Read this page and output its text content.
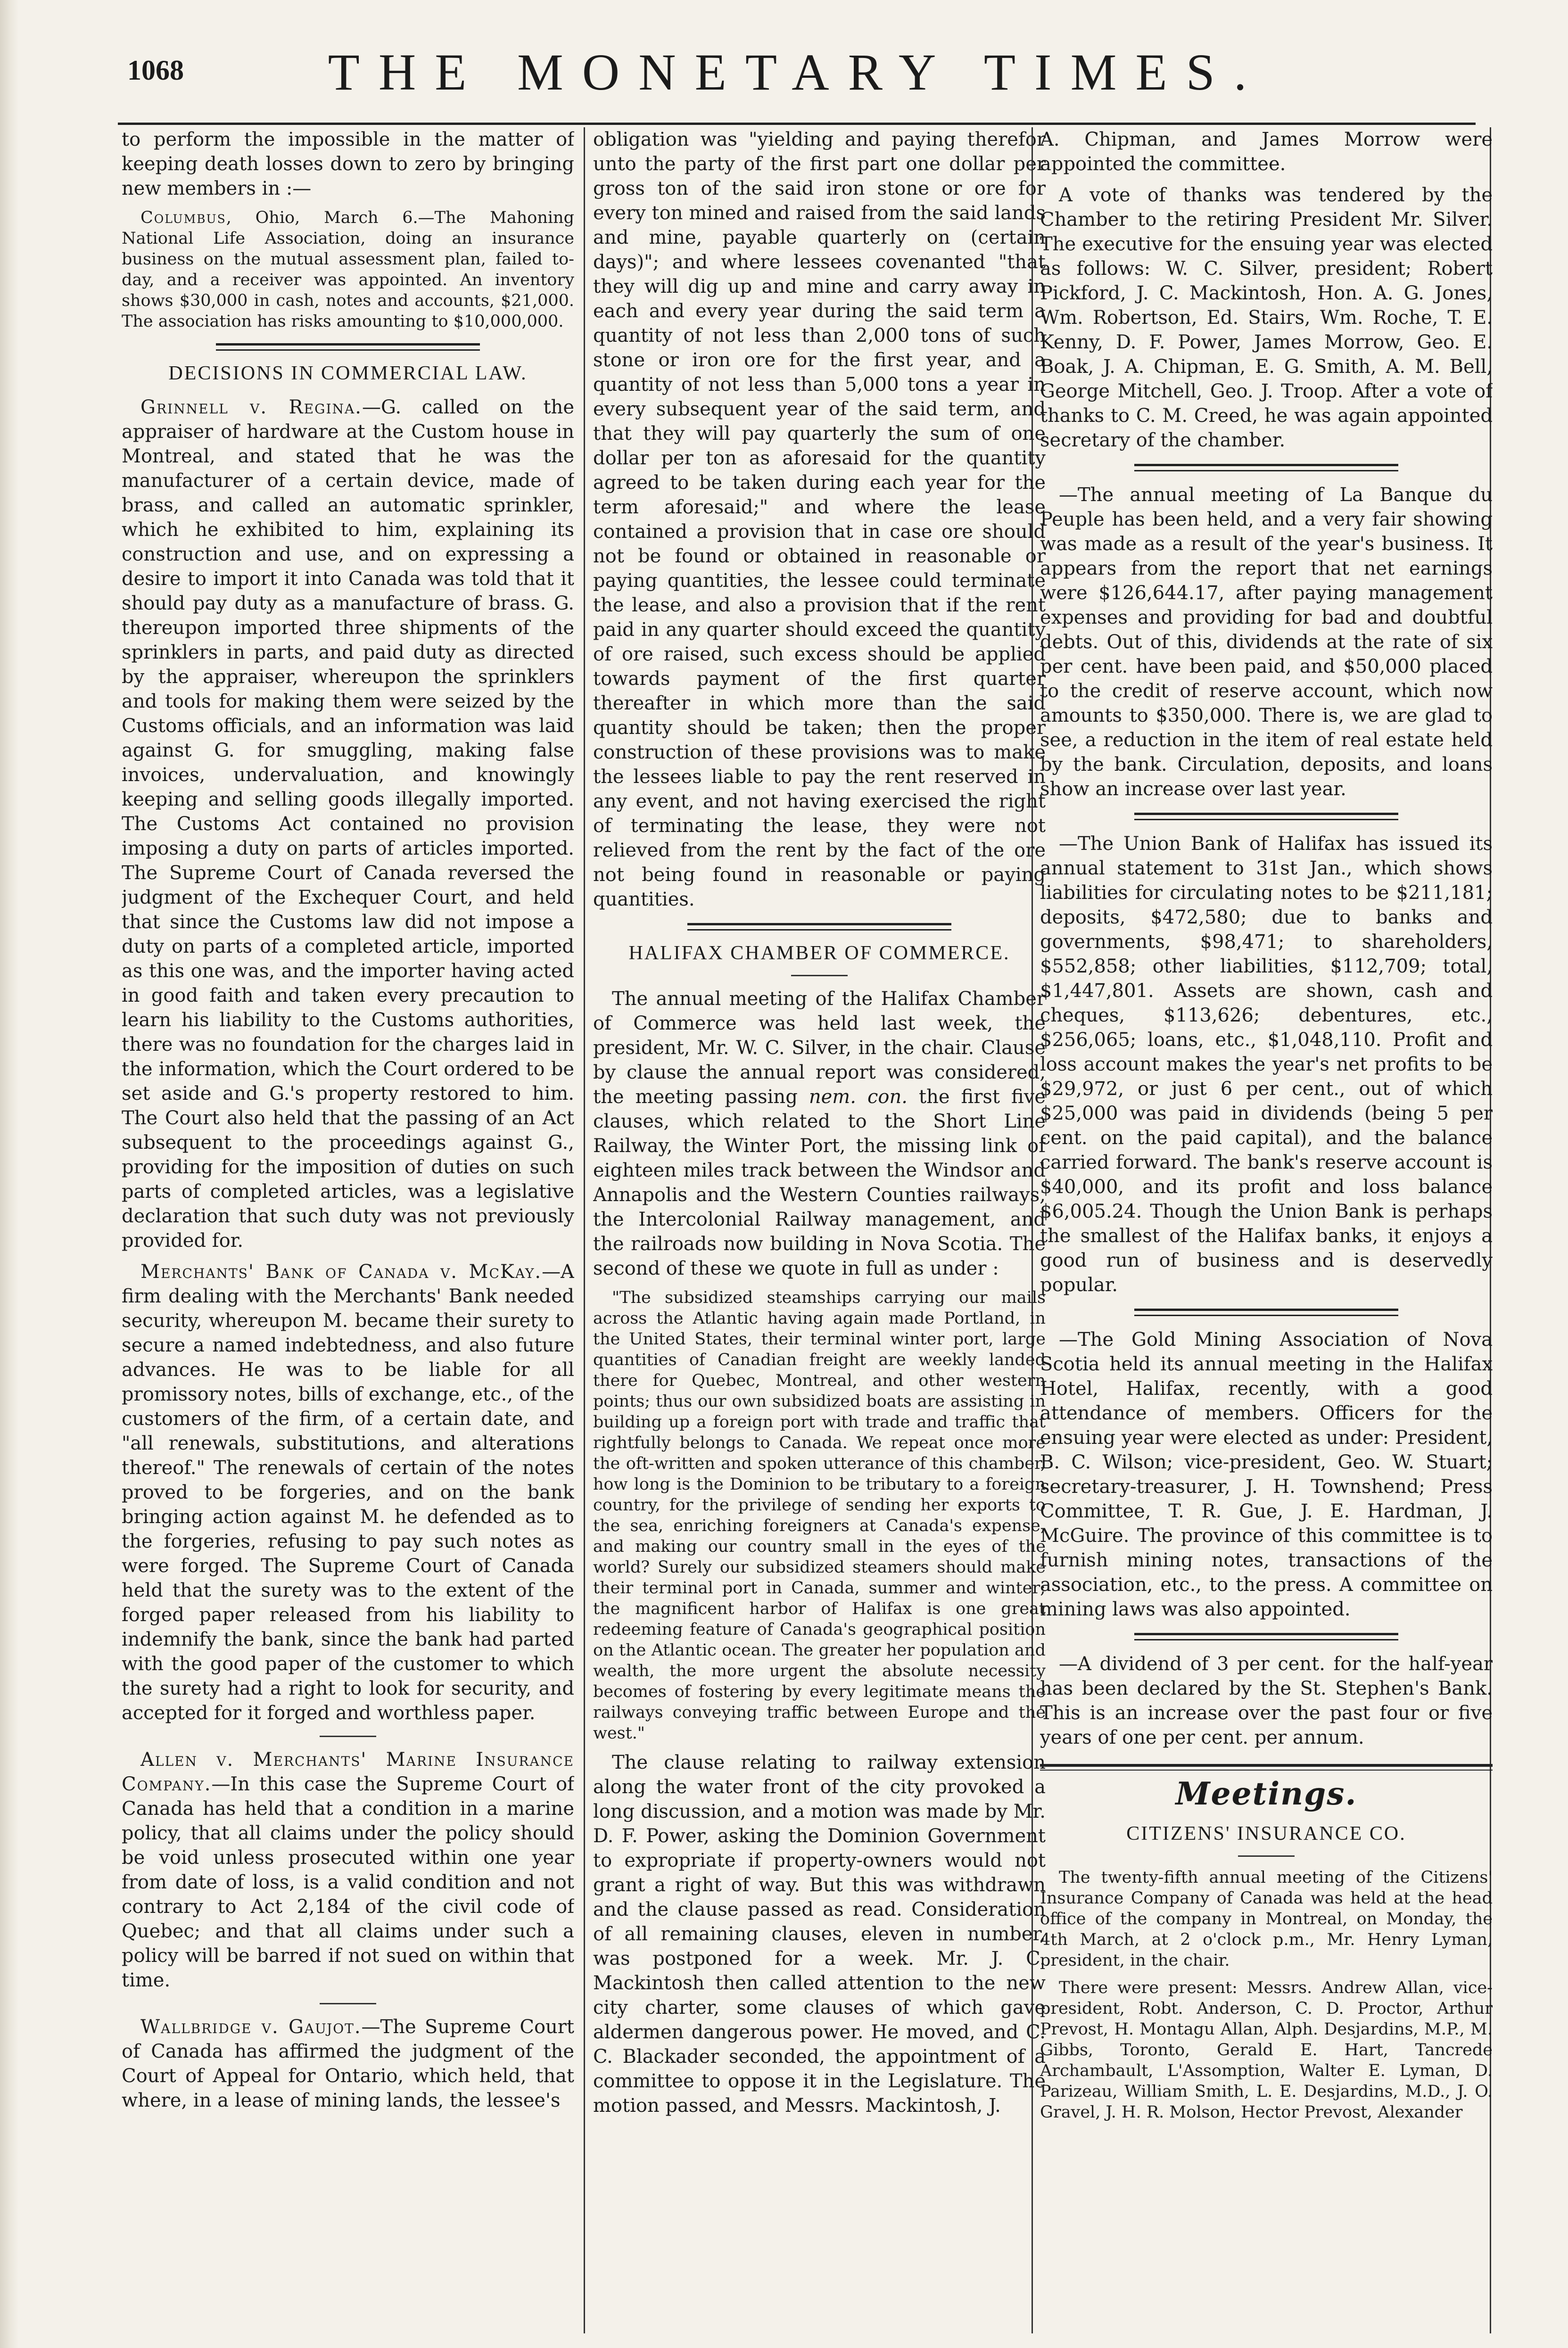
1068	THE MONETARY TIMES.

to perform the impossible in the matter of keeping death losses down to zero by bringing new members in :—

Columbus, Ohio, March 6.—The Mahoning National Life Association, doing an insurance business on the mutual assessment plan, failed to-day, and a receiver was appointed. An inventory shows $30,000 in cash, notes and accounts, $21,000. The association has risks amounting to $10,000,000.

DECISIONS IN COMMERCIAL LAW.

Grinnell v. Regina.—G. called on the appraiser of hardware at the Custom house in Montreal, and stated that he was the manufacturer of a certain device, made of brass, and called an automatic sprinkler, which he exhibited to him, explaining its construction and use, and on expressing a desire to import it into Canada was told that it should pay duty as a manufacture of brass. G. thereupon imported three shipments of the sprinklers in parts, and paid duty as directed by the appraiser, whereupon the sprinklers and tools for making them were seized by the Customs officials, and an information was laid against G. for smuggling, making false invoices, undervaluation, and knowingly keeping and selling goods illegally imported. The Customs Act contained no provision imposing a duty on parts of articles imported. The Supreme Court of Canada reversed the judgment of the Exchequer Court, and held that since the Customs law did not impose a duty on parts of a completed article, imported as this one was, and the importer having acted in good faith and taken every precaution to learn his liability to the Customs authorities, there was no foundation for the charges laid in the information, which the Court ordered to be set aside and G.'s property restored to him. The Court also held that the passing of an Act subsequent to the proceedings against G., providing for the imposition of duties on such parts of completed articles, was a legislative declaration that such duty was not previously provided for.

Merchants' Bank of Canada v. McKay.—A firm dealing with the Merchants' Bank needed security, whereupon M. became their surety to secure a named indebtedness, and also future advances. He was to be liable for all promissory notes, bills of exchange, etc., of the customers of the firm, of a certain date, and "all renewals, substitutions, and alterations thereof." The renewals of certain of the notes proved to be forgeries, and on the bank bringing action against M. he defended as to the forgeries, refusing to pay such notes as were forged. The Supreme Court of Canada held that the surety was to the extent of the forged paper released from his liability to indemnify the bank, since the bank had parted with the good paper of the customer to which the surety had a right to look for security, and accepted for it forged and worthless paper.

Allen v. Merchants' Marine Insurance Company.—In this case the Supreme Court of Canada has held that a condition in a marine policy, that all claims under the policy should be void unless prosecuted within one year from date of loss, is a valid condition and not contrary to Act 2,184 of the civil code of Quebec; and that all claims under such a policy will be barred if not sued on within that time.

Wallbridge v. Gaujot.—The Supreme Court of Canada has affirmed the judgment of the Court of Appeal for Ontario, which held, that where, in a lease of mining lands, the lessee's

obligation was "yielding and paying therefor unto the party of the first part one dollar per gross ton of the said iron stone or ore for every ton mined and raised from the said lands and mine, payable quarterly on (certain days)"; and where lessees covenanted "that they will dig up and mine and carry away in each and every year during the said term a quantity of not less than 2,000 tons of such stone or iron ore for the first year, and a quantity of not less than 5,000 tons a year in every subsequent year of the said term, and that they will pay quarterly the sum of one dollar per ton as aforesaid for the quantity agreed to be taken during each year for the term aforesaid;" and where the lease contained a provision that in case ore should not be found or obtained in reasonable or paying quantities, the lessee could terminate the lease, and also a provision that if the rent paid in any quarter should exceed the quantity of ore raised, such excess should be applied towards payment of the first quarter thereafter in which more than the said quantity should be taken; then the proper construction of these provisions was to make the lessees liable to pay the rent reserved in any event, and not having exercised the right of terminating the lease, they were not relieved from the rent by the fact of the ore not being found in reasonable or paying quantities.

HALIFAX CHAMBER OF COMMERCE.

The annual meeting of the Halifax Chamber of Commerce was held last week, the president, Mr. W. C. Silver, in the chair. Clause by clause the annual report was considered, the meeting passing nem. con. the first five clauses, which related to the Short Line Railway, the Winter Port, the missing link of eighteen miles track between the Windsor and Annapolis and the Western Counties railways, the Intercolonial Railway management, and the railroads now building in Nova Scotia. The second of these we quote in full as under :

"The subsidized steamships carrying our mails across the Atlantic having again made Portland, in the United States, their terminal winter port, large quantities of Canadian freight are weekly landed there for Quebec, Montreal, and other western points; thus our own subsidized boats are assisting in building up a foreign port with trade and traffic that rightfully belongs to Canada. We repeat once more the oft-written and spoken utterance of this chamber, how long is the Dominion to be tributary to a foreign country, for the privilege of sending her exports to the sea, enriching foreigners at Canada's expense, and making our country small in the eyes of the world? Surely our subsidized steamers should make their terminal port in Canada, summer and winter; the magnificent harbor of Halifax is one great redeeming feature of Canada's geographical position on the Atlantic ocean. The greater her population and wealth, the more urgent the absolute necessity becomes of fostering by every legitimate means the railways conveying traffic between Europe and the west."

The clause relating to railway extension along the water front of the city provoked a long discussion, and a motion was made by Mr. D. F. Power, asking the Dominion Government to expropriate if property-owners would not grant a right of way. But this was withdrawn and the clause passed as read. Consideration of all remaining clauses, eleven in number, was postponed for a week. Mr. J. C. Mackintosh then called attention to the new city charter, some clauses of which gave aldermen dangerous power. He moved, and C. C. Blackader seconded, the appointment of a committee to oppose it in the Legislature. The motion passed, and Messrs. Mackintosh, J.

A. Chipman, and James Morrow were appointed the committee.

A vote of thanks was tendered by the Chamber to the retiring President Mr. Silver. The executive for the ensuing year was elected as follows: W. C. Silver, president; Robert Pickford, J. C. Mackintosh, Hon. A. G. Jones, Wm. Robertson, Ed. Stairs, Wm. Roche, T. E. Kenny, D. F. Power, James Morrow, Geo. E. Boak, J. A. Chipman, E. G. Smith, A. M. Bell, George Mitchell, Geo. J. Troop. After a vote of thanks to C. M. Creed, he was again appointed secretary of the chamber.

—The annual meeting of La Banque du Peuple has been held, and a very fair showing was made as a result of the year's business. It appears from the report that net earnings were $126,644.17, after paying management expenses and providing for bad and doubtful debts. Out of this, dividends at the rate of six per cent. have been paid, and $50,000 placed to the credit of reserve account, which now amounts to $350,000. There is, we are glad to see, a reduction in the item of real estate held by the bank. Circulation, deposits, and loans show an increase over last year.

—The Union Bank of Halifax has issued its annual statement to 31st Jan., which shows liabilities for circulating notes to be $211,181; deposits, $472,580; due to banks and governments, $98,471; to shareholders, $552,858; other liabilities, $112,709; total, $1,447,801. Assets are shown, cash and cheques, $113,626; debentures, etc., $256,065; loans, etc., $1,048,110. Profit and loss account makes the year's net profits to be $29,972, or just 6 per cent., out of which $25,000 was paid in dividends (being 5 per cent. on the paid capital), and the balance carried forward. The bank's reserve account is $40,000, and its profit and loss balance $6,005.24. Though the Union Bank is perhaps the smallest of the Halifax banks, it enjoys a good run of business and is deservedly popular.

—The Gold Mining Association of Nova Scotia held its annual meeting in the Halifax Hotel, Halifax, recently, with a good attendance of members. Officers for the ensuing year were elected as under: President, B. C. Wilson; vice-president, Geo. W. Stuart; secretary-treasurer, J. H. Townshend; Press Committee, T. R. Gue, J. E. Hardman, J. McGuire. The province of this committee is to furnish mining notes, transactions of the association, etc., to the press. A committee on mining laws was also appointed.

—A dividend of 3 per cent. for the half-year has been declared by the St. Stephen's Bank. This is an increase over the past four or five years of one per cent. per annum.

Meetings.
CITIZENS' INSURANCE CO.

The twenty-fifth annual meeting of the Citizens' Insurance Company of Canada was held at the head office of the company in Montreal, on Monday, the 4th March, at 2 o'clock p.m., Mr. Henry Lyman, president, in the chair.

There were present: Messrs. Andrew Allan, vice-president, Robt. Anderson, C. D. Proctor, Arthur Prevost, H. Montagu Allan, Alph. Desjardins, M.P., M. Gibbs, Toronto, Gerald E. Hart, Tancrede Archambault, L'Assomption, Walter E. Lyman, D. Parizeau, William Smith, L. E. Desjardins, M.D., J. O. Gravel, J. H. R. Molson, Hector Prevost, Alexander
